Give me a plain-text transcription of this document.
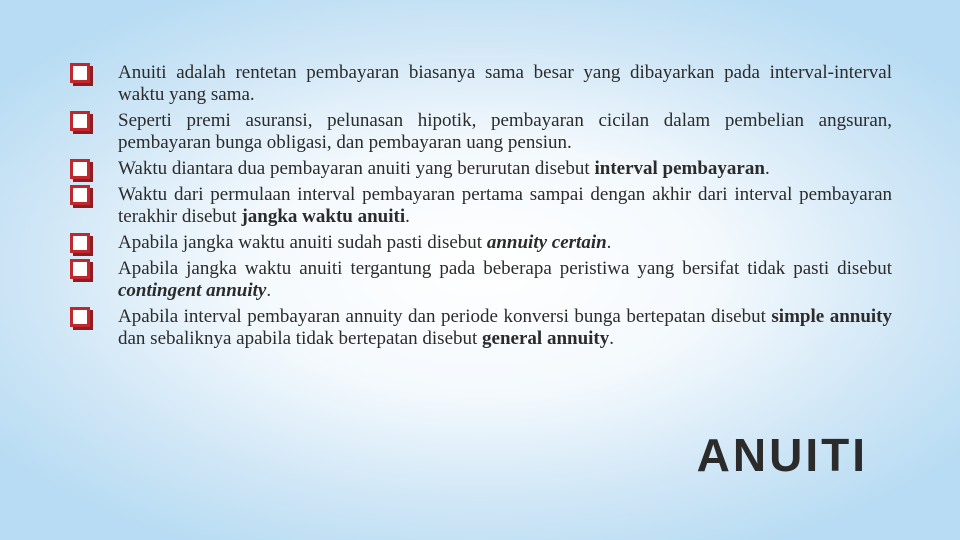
Anuiti adalah rentetan pembayaran biasanya sama besar yang dibayarkan pada interval-interval waktu yang sama.
Seperti premi asuransi, pelunasan hipotik, pembayaran cicilan dalam pembelian angsuran, pembayaran bunga obligasi, dan pembayaran uang pensiun.
Waktu diantara dua pembayaran anuiti yang berurutan disebut interval pembayaran.
Waktu dari permulaan interval pembayaran pertama sampai dengan akhir dari interval pembayaran terakhir disebut jangka waktu anuiti.
Apabila jangka waktu anuiti sudah pasti disebut annuity certain.
Apabila jangka waktu anuiti tergantung pada beberapa peristiwa yang bersifat tidak pasti disebut contingent annuity.
Apabila interval pembayaran annuity dan periode konversi bunga bertepatan disebut simple annuity dan sebaliknya apabila tidak bertepatan disebut general annuity.
ANUITI
